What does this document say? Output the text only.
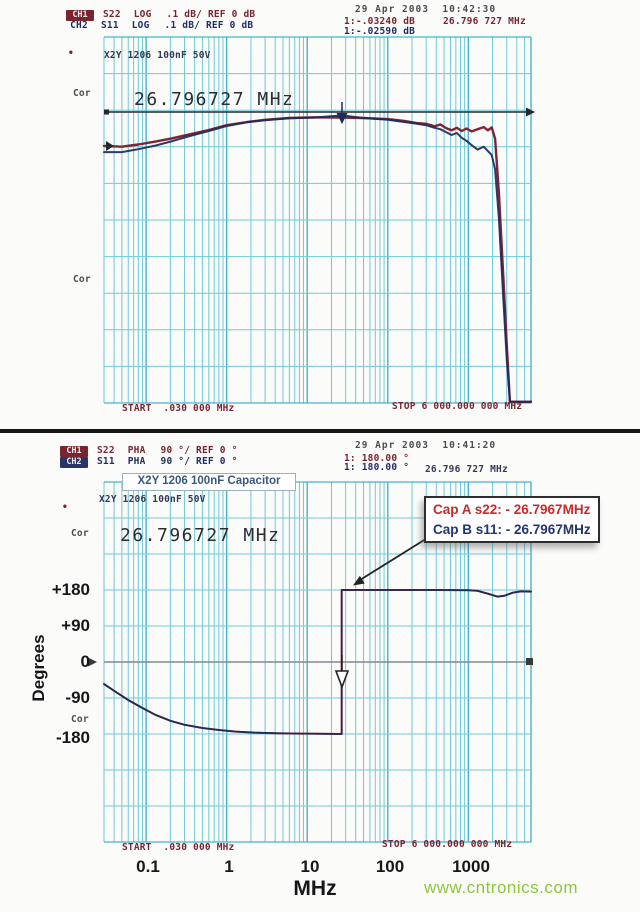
CH1	S22 LOG .1 dB/ REF 0 dB
CH2	S11 LOG .1 dB/ REF 0 dB
29 Apr 2003  10:42:30
1:-.03240 dB	26.796 727 MHz
1:-.02590 dB
•	X2Y 1206 100nF 50V
Cor 26.796727 MHz
Cor
START  .030 000 MHz	STOP 6 000.000 000 MHz
CH1	S22 PHA 90 °/ REF 0 °
CH2	S11 PHA 90 °/ REF 0 °
29 Apr 2003  10:41:20
1: 180.00 °
1: 180.00 ° 26.796 727 MHz
X2Y 1206 100nF Capacitor
•
X2Y 1206 100nF 50V
Cor 26.796727 MHz
Cor
Cap A s22: - 26.7967MHz
Cap B s11: - 26.7967MHz
+180
+90
0
-90
-180
Degrees
START  .030 000 MHz	STOP 6 000.000 000 MHz
0.1	1	10	100	1000
MHz	www.cntronics.com
